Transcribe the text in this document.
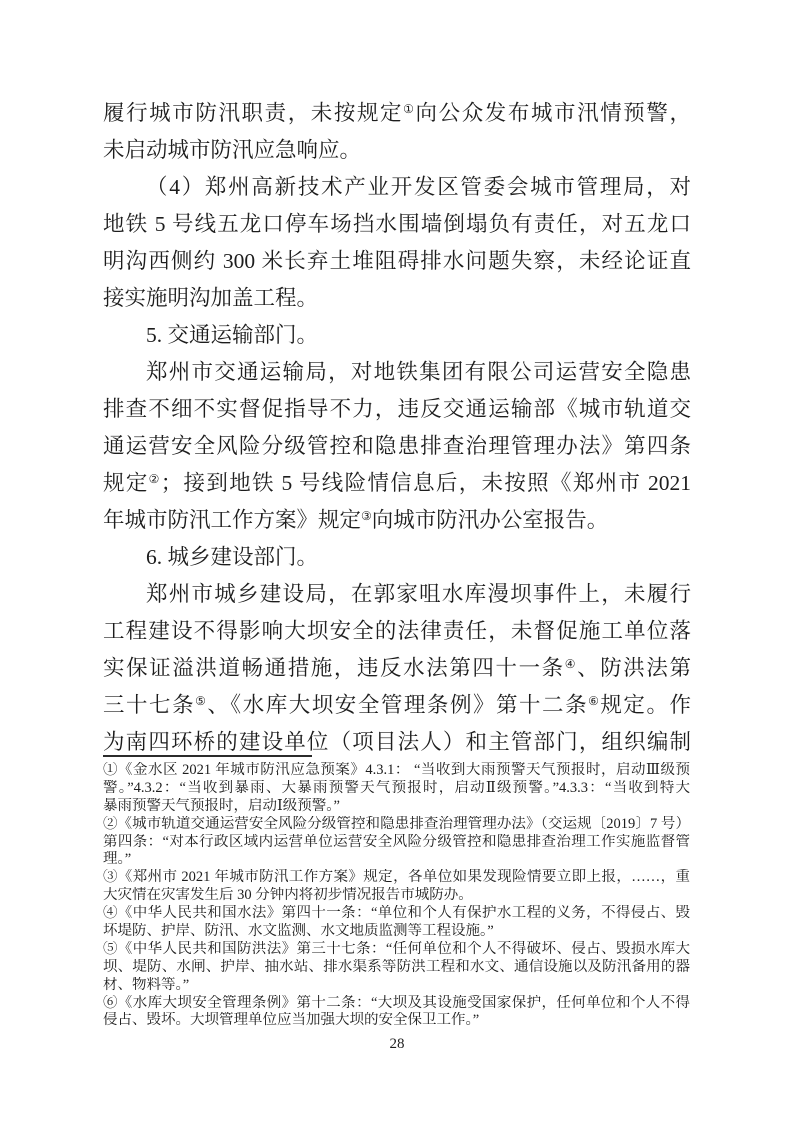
履行城市防汛职责，未按规定①向公众发布城市汛情预警，
未启动城市防汛应急响应。
（4）郑州高新技术产业开发区管委会城市管理局，对
地铁 5 号线五龙口停车场挡水围墙倒塌负有责任，对五龙口
明沟西侧约 300 米长弃土堆阻碍排水问题失察，未经论证直
接实施明沟加盖工程。
5. 交通运输部门。
郑州市交通运输局，对地铁集团有限公司运营安全隐患
排查不细不实督促指导不力，违反交通运输部《城市轨道交
通运营安全风险分级管控和隐患排查治理管理办法》第四条
规定②；接到地铁 5 号线险情信息后，未按照《郑州市 2021
年城市防汛工作方案》规定③向城市防汛办公室报告。
6. 城乡建设部门。
郑州市城乡建设局，在郭家咀水库漫坝事件上，未履行
工程建设不得影响大坝安全的法律责任，未督促施工单位落
实保证溢洪道畅通措施，违反水法第四十一条④、防洪法第
三十七条⑤、《水库大坝安全管理条例》第十二条⑥规定。作
为南四环桥的建设单位（项目法人）和主管部门，组织编制
①《金水区 2021 年城市防汛应急预案》4.3.1： “当收到大雨预警天气预报时，启动Ⅲ级预
警。”4.3.2：“当收到暴雨、大暴雨预警天气预报时，启动Ⅱ级预警。”4.3.3：“当收到特大
暴雨预警天气预报时，启动Ⅰ级预警。”
②《城市轨道交通运营安全风险分级管控和隐患排查治理管理办法》（交运规〔2019〕7 号）
第四条：“对本行政区域内运营单位运营安全风险分级管控和隐患排查治理工作实施监督管
理。”
③《郑州市 2021 年城市防汛工作方案》规定，各单位如果发现险情要立即上报，……，重
大灾情在灾害发生后 30 分钟内将初步情况报告市城防办。
④《中华人民共和国水法》第四十一条：“单位和个人有保护水工程的义务，不得侵占、毁
坏堤防、护岸、防汛、水文监测、水文地质监测等工程设施。”
⑤《中华人民共和国防洪法》第三十七条：“任何单位和个人不得破坏、侵占、毁损水库大
坝、堤防、水闸、护岸、抽水站、排水渠系等防洪工程和水文、通信设施以及防汛备用的器
材、物料等。”
⑥《水库大坝安全管理条例》第十二条：“大坝及其设施受国家保护，任何单位和个人不得
侵占、毁坏。大坝管理单位应当加强大坝的安全保卫工作。”
28
